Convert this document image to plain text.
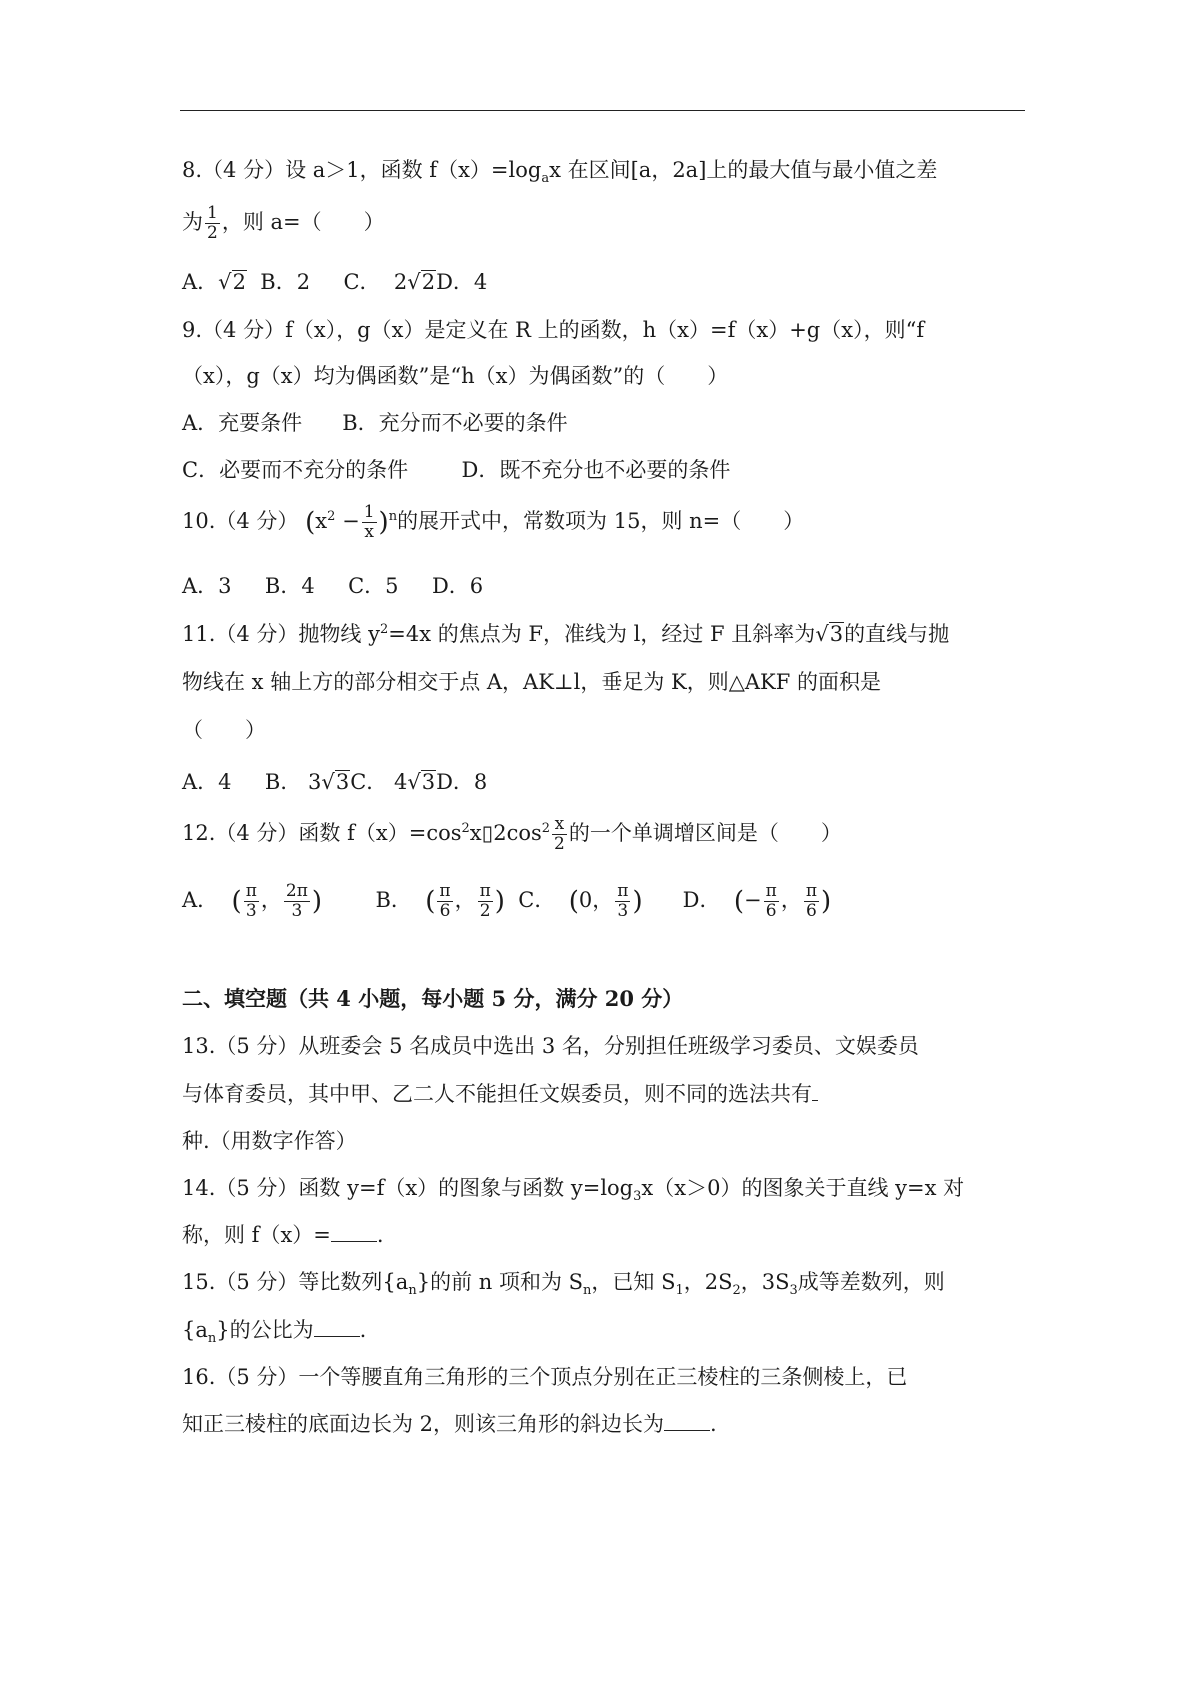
8.（4 分）设 a＞1，函数 $f(x)=\log_ax$ 在区间[a，2a]上的最大值与最小值之差
为 $\frac{1}{2}$ ，则 a=（　　）
A．√2 B．2 C． 2√2D．4
9.（4 分）f（x），g（x）是定义在 R 上的函数，h（x）=f（x）+g（x），则“f
（x），g（x）均为偶函数”是“h（x）为偶函数”的（　　）
A．充要条件 B．充分而不必要的条件
C．必要而不充分的条件	D．既不充分也不必要的条件
10.（4 分） $(x^2 - \frac{1}{x} )^n$的展开式中，常数项为 15，则 n=（　　）
A．3 B．4 C．5 D．6
11.（4 分）抛物线 $y^2=4x$ 的焦点为 F，准线为 l，经过 F 且斜率为√3的直线与抛
物线在 x 轴上方的部分相交于点 A，AK⊥l，垂足为 K，则△AKF 的面积是
（　　）
A．4 B． 3√3C． 4√3D．8
12.（4 分）函数 $f(x)=\cos^2x▯2\cos^2 \frac{x}{2}$ 的一个单调增区间是（　　）
A． ( $\frac{\pi}{3}$ ， $\frac{2\pi}{3}$ )	B． ( $\frac{\pi}{6}$ ， $\frac{\pi}{2}$ ) C． (0， $\frac{\pi}{3}$ ) D． (− $\frac{\pi}{6}$ ， $\frac{\pi}{6}$ )
二、填空题（共 4 小题，每小题 5 分，满分 20 分）
13.（5 分）从班委会 5 名成员中选出 3 名，分别担任班级学习委员、文娱委员
与体育委员，其中甲、乙二人不能担任文娱委员，则不同的选法共有
种.（用数字作答）
14.（5 分）函数 y=f（x）的图象与函数 $y=\log_3x(x>0)$的图象关于直线 y=x 对
称，则 f（x）= .
15.（5 分）等比数列$\{a_n\}$的前 n 项和为 $S_n$，已知 $S_1$，$2S_2$，$3S_3$成等差数列，则
$\{a_n\}$的公比为 .
16.（5 分）一个等腰直角三角形的三个顶点分别在正三棱柱的三条侧棱上，已
知正三棱柱的底面边长为 2，则该三角形的斜边长为 .
